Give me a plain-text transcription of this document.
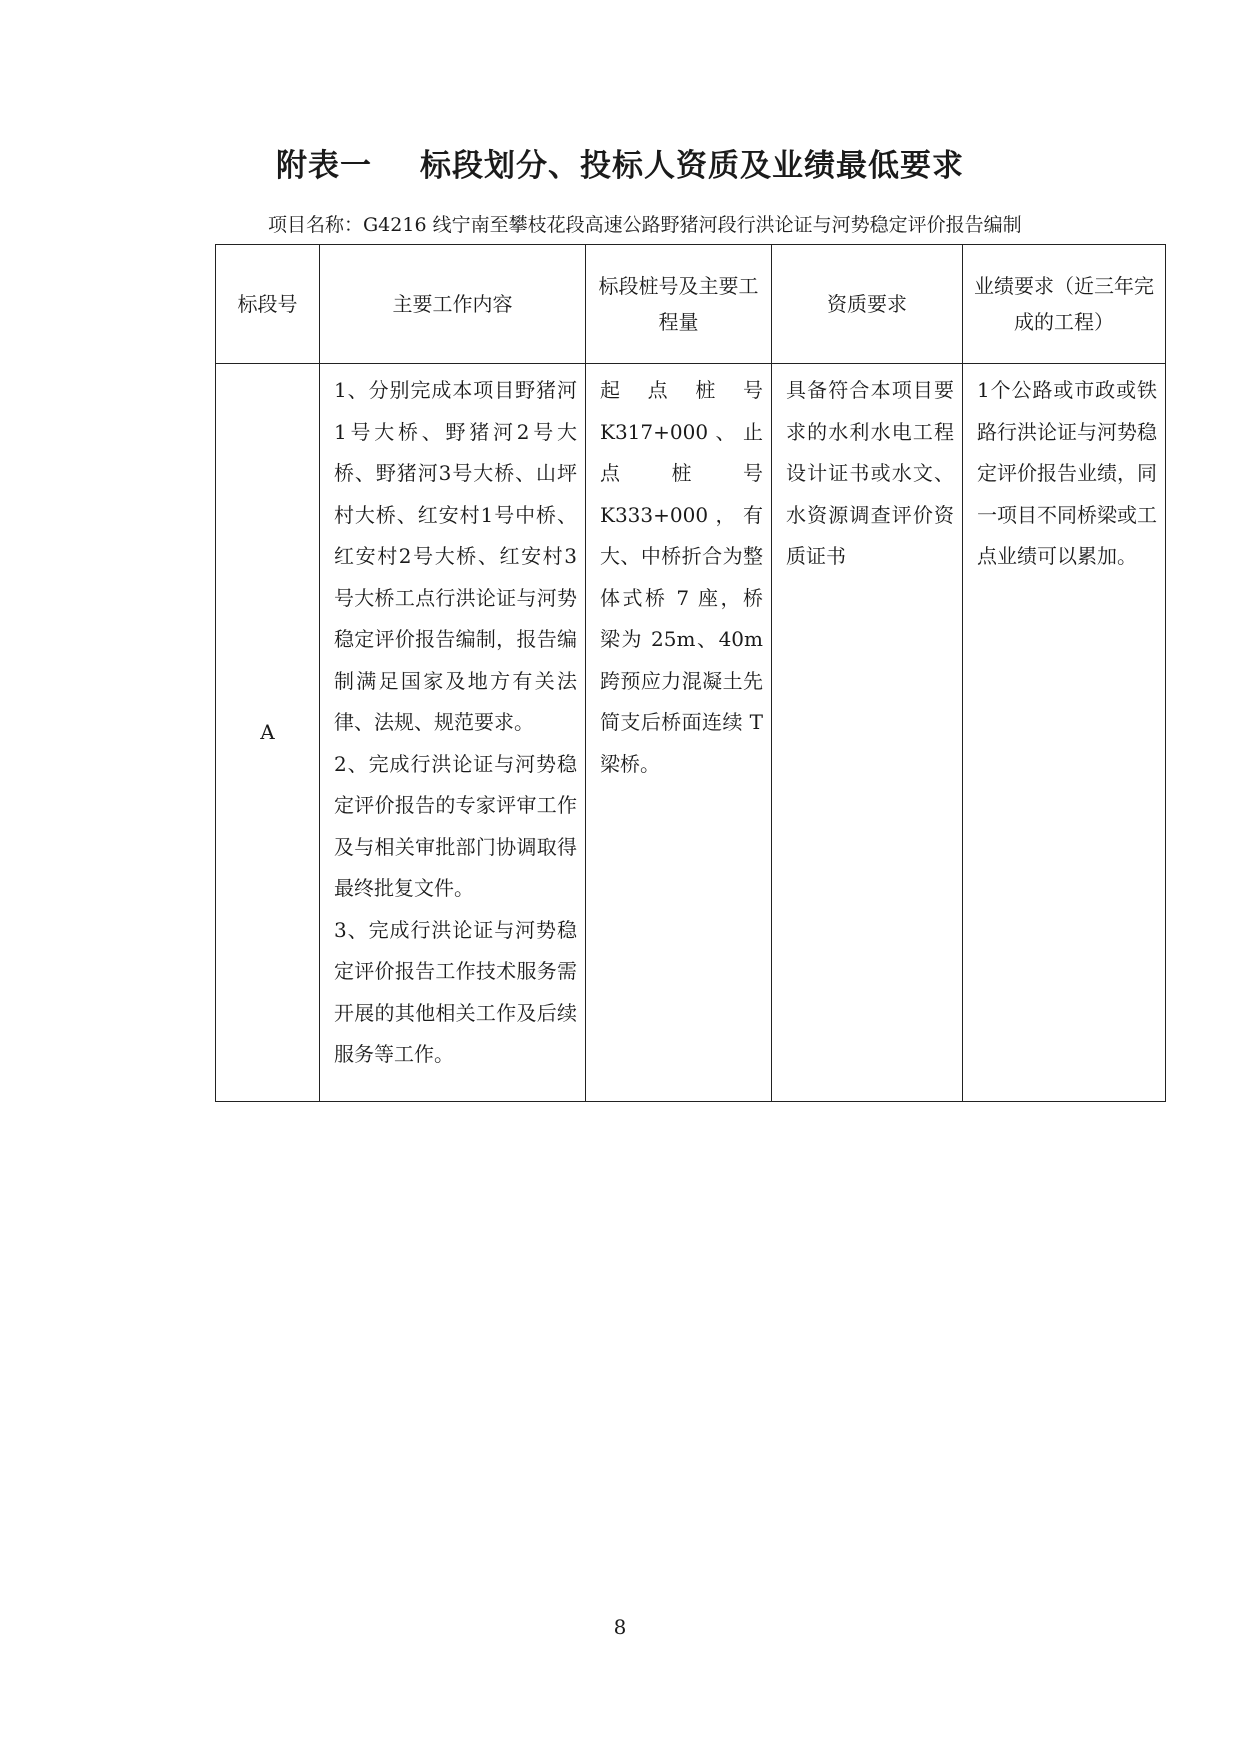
附表一 标段划分、投标人资质及业绩最低要求
项目名称：G4216 线宁南至攀枝花段高速公路野猪河段行洪论证与河势稳定评价报告编制
标段号	主要工作内容	标段桩号及主要工程量	资质要求	业绩要求（近三年完成的工程）
A	1、分别完成本项目野猪河1号大桥、野猪河2号大桥、野猪河3号大桥、山坪村大桥、红安村1号中桥、红安村2号大桥、红安村3号大桥工点行洪论证与河势稳定评价报告编制，报告编制满足国家及地方有关法律、法规、规范要求。
2、完成行洪论证与河势稳定评价报告的专家评审工作及与相关审批部门协调取得最终批复文件。
3、完成行洪论证与河势稳定评价报告工作技术服务需开展的其他相关工作及后续服务等工作。	起点桩号K317+000、止点桩号 K333+000，有大、中桥折合为整体式桥 7 座，桥梁为 25m、40m 跨预应力混凝土先简支后桥面连续 T 梁桥。	具备符合本项目要求的水利水电工程设计证书或水文、水资源调查评价资质证书	1个公路或市政或铁路行洪论证与河势稳定评价报告业绩，同一项目不同桥梁或工点业绩可以累加。
8
